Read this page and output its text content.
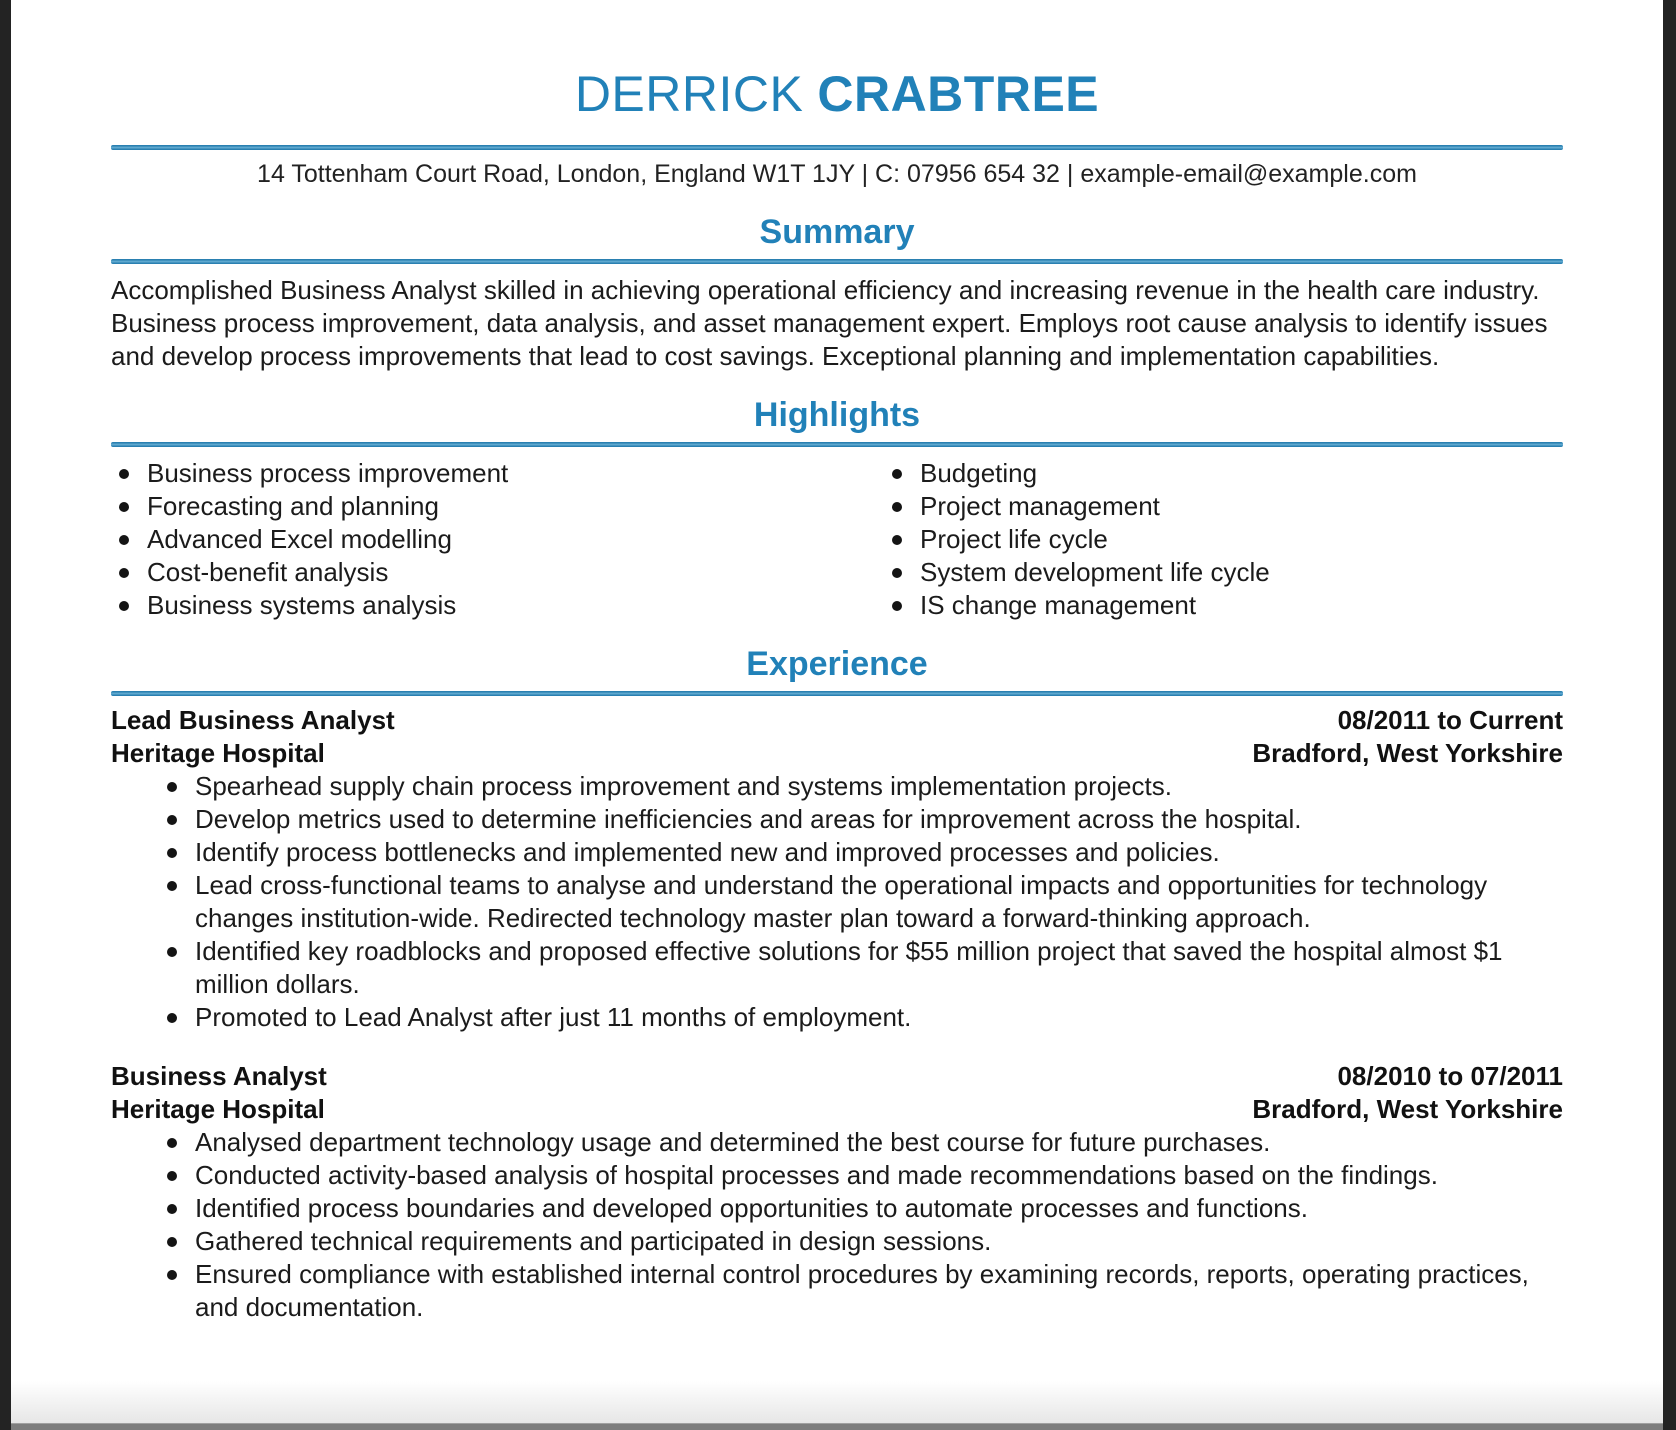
DERRICK CRABTREE
14 Tottenham Court Road, London, England W1T 1JY | C: 07956 654 32 | example-email@example.com
Summary
Accomplished Business Analyst skilled in achieving operational efficiency and increasing revenue in the health care industry. Business process improvement, data analysis, and asset management expert. Employs root cause analysis to identify issues and develop process improvements that lead to cost savings. Exceptional planning and implementation capabilities.
Highlights
Business process improvement
Forecasting and planning
Advanced Excel modelling
Cost-benefit analysis
Business systems analysis
Budgeting
Project management
Project life cycle
System development life cycle
IS change management
Experience
Lead Business Analyst	08/2011 to Current
Heritage Hospital	Bradford, West Yorkshire
Spearhead supply chain process improvement and systems implementation projects.
Develop metrics used to determine inefficiencies and areas for improvement across the hospital.
Identify process bottlenecks and implemented new and improved processes and policies.
Lead cross-functional teams to analyse and understand the operational impacts and opportunities for technology changes institution-wide. Redirected technology master plan toward a forward-thinking approach.
Identified key roadblocks and proposed effective solutions for $55 million project that saved the hospital almost $1 million dollars.
Promoted to Lead Analyst after just 11 months of employment.
Business Analyst	08/2010 to 07/2011
Heritage Hospital	Bradford, West Yorkshire
Analysed department technology usage and determined the best course for future purchases.
Conducted activity-based analysis of hospital processes and made recommendations based on the findings.
Identified process boundaries and developed opportunities to automate processes and functions.
Gathered technical requirements and participated in design sessions.
Ensured compliance with established internal control procedures by examining records, reports, operating practices, and documentation.
